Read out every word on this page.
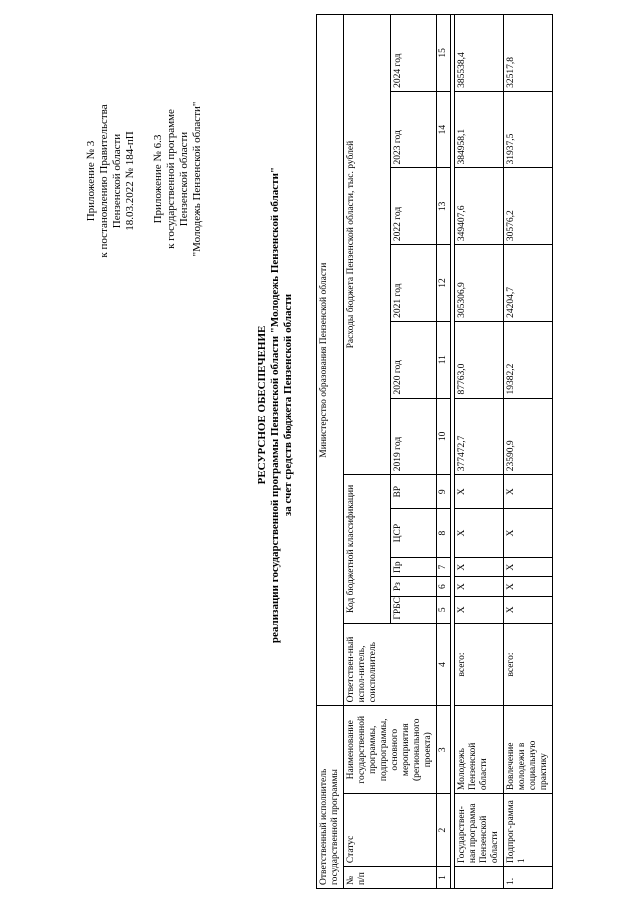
Приложение № 3 к постановлению Правительства Пензенской области 18.03.2022 № 184-пП Приложение № 6.3 к государственной программе Пензенской области "Молодежь Пензенской области"
РЕСУРСНОЕ ОБЕСПЕЧЕНИЕ реализации государственной программы Пензенской области "Молодежь Пензенской области" за счет средств бюджета Пензенской области
Ответственный исполнитель государственной программы			Министерство образования Пензенской области											
№ п/п	Статус	Наименование государственной программы, подпрограммы, основного мероприятия (регионального проекта)	Ответствен-ный испол-нитель, соисполнитель	Код бюджетной классификации					Расходы бюджета Пензенской области, тыс. рублей					
				ГРБС	Рз	Пр	ЦСР	ВР	2019 год	2020 год	2021 год	2022 год	2023 год	2024 год
1	2	3	4	5	6	7	8	9	10	11	12	13	14	15

	Государствен-ная программа Пензенской области	Молодежь Пензенской области	всего:	X	X	X	X	X	377472,7	87763,0	305306,9	349407,6	384958,1	385538,4
1.	Подпрог-рамма 1	Вовлечение молодежи в социальную практику	всего:	X	X	X	X	X	23590,9	19382,2	24204,7	30576,2	31937,5	32517,8
